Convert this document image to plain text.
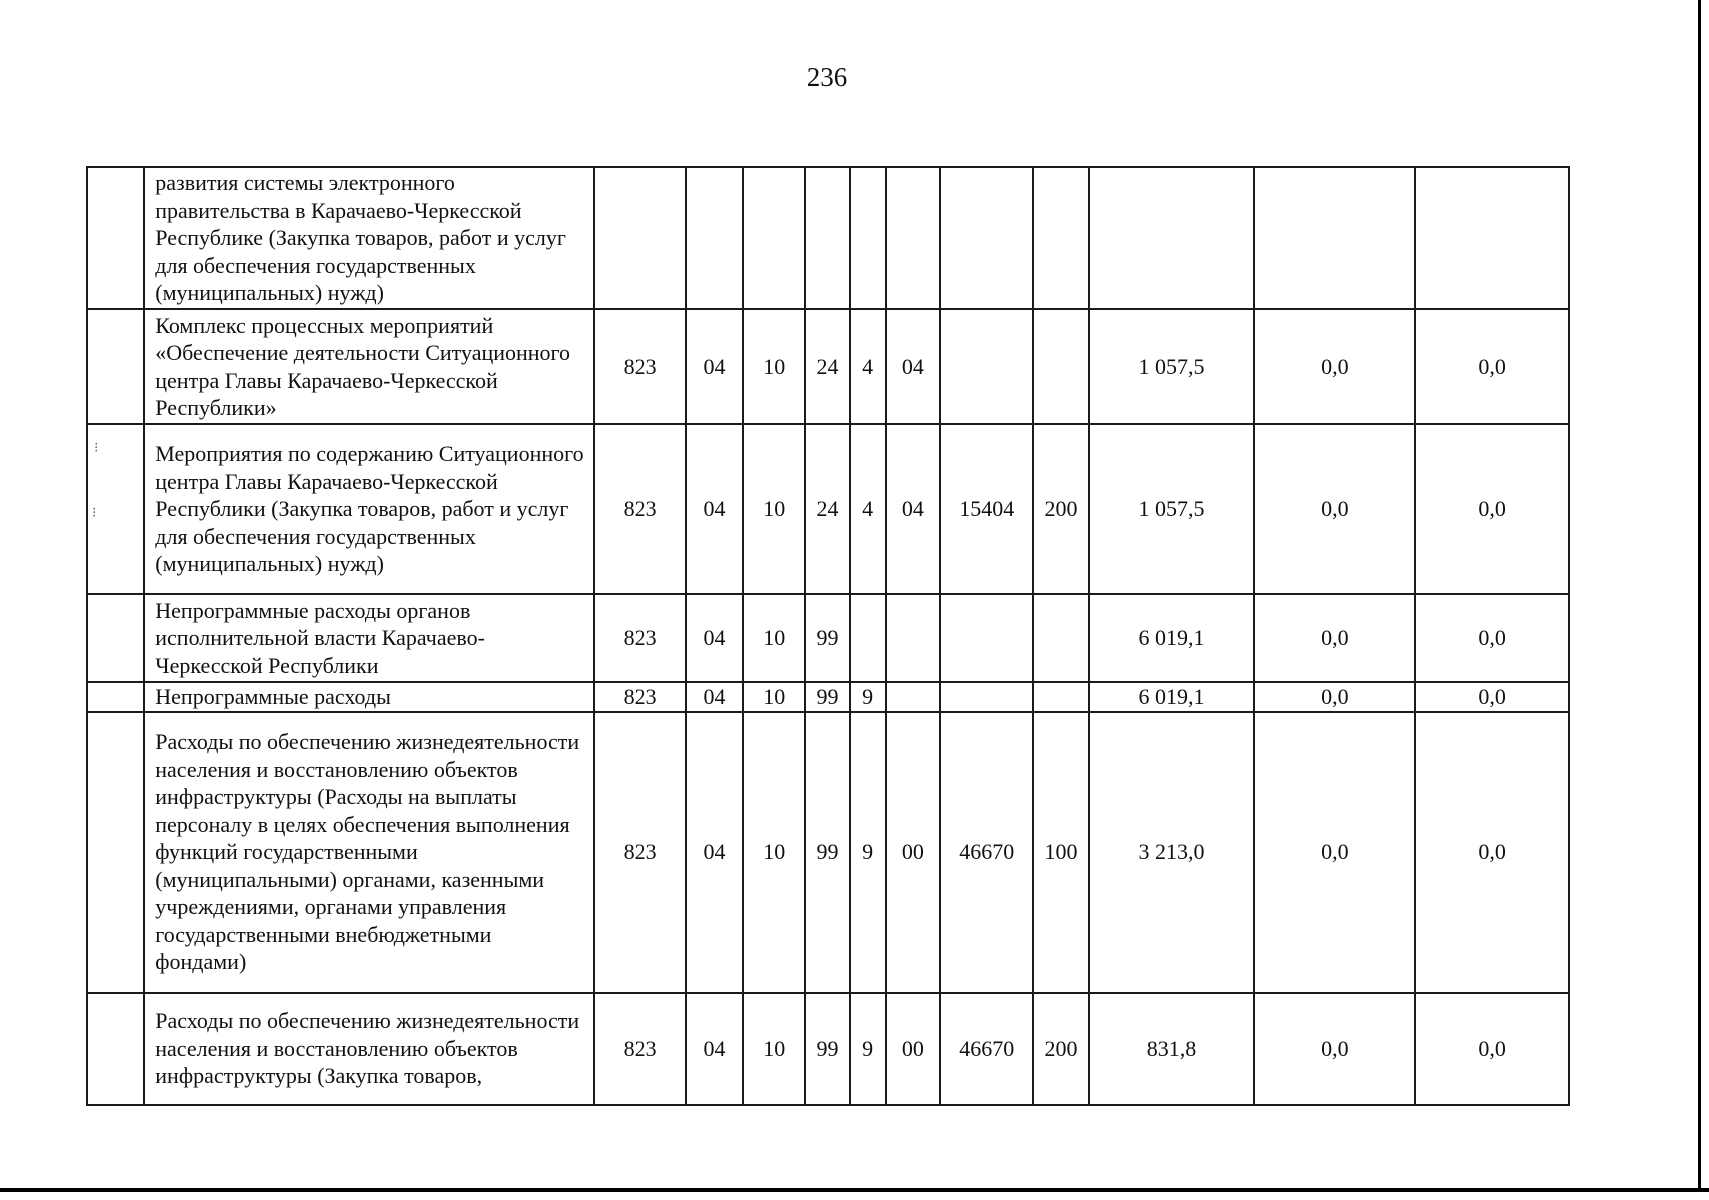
236
	развития системы электронного правительства в Карачаево-Черкесской Республике (Закупка товаров, работ и услуг для обеспечения государственных (муниципальных) нужд)											
	Комплекс процессных мероприятий «Обеспечение деятельности Ситуационного центра Главы Карачаево-Черкесской Республики»	823	04	10	24	4	04			1 057,5	0,0	0,0
	Мероприятия по содержанию Ситуационного центра Главы Карачаево-Черкесской Республики (Закупка товаров, работ и услуг для обеспечения государственных (муниципальных) нужд)	823	04	10	24	4	04	15404	200	1 057,5	0,0	0,0
	Непрограммные расходы органов исполнительной власти Карачаево-Черкесской Республики	823	04	10	99					6 019,1	0,0	0,0
	Непрограммные расходы	823	04	10	99	9				6 019,1	0,0	0,0
	Расходы по обеспечению жизнедеятельности населения и восстановлению объектов инфраструктуры (Расходы на выплаты персоналу в целях обеспечения выполнения функций государственными (муниципальными) органами, казенными учреждениями, органами управления государственными внебюджетными фондами)	823	04	10	99	9	00	46670	100	3 213,0	0,0	0,0
	Расходы по обеспечению жизнедеятельности населения и восстановлению объектов инфраструктуры (Закупка товаров,	823	04	10	99	9	00	46670	200	831,8	0,0	0,0
⁝
⁝
